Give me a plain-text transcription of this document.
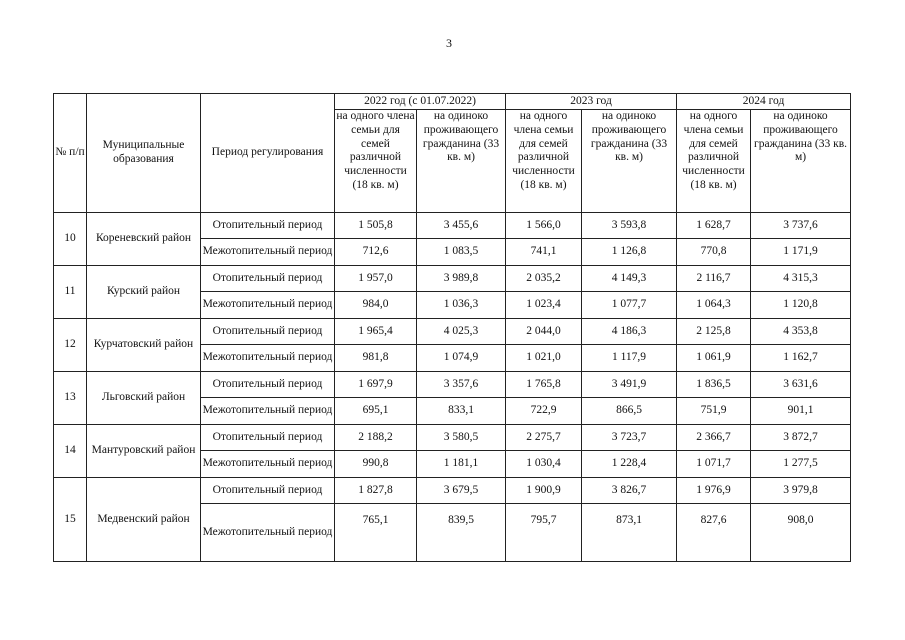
3
№ п/п	Муниципальные образования	Период регулирования	2022 год (с 01.07.2022)		2023 год		2024 год	
			на одного члена семьи для семей различной численности (18 кв. м)	на одиноко проживающего гражданина (33 кв. м)	на одного члена семьи для семей различной численности (18 кв. м)	на одиноко проживающего гражданина (33 кв. м)	на одного члена семьи для семей различной численности (18 кв. м)	на одиноко проживающего гражданина (33 кв. м)
10	Кореневский район	Отопительный период	1 505,8	3 455,6	1 566,0	3 593,8	1 628,7	3 737,6
		Межотопительный период	712,6	1 083,5	741,1	1 126,8	770,8	1 171,9
11	Курский район	Отопительный период	1 957,0	3 989,8	2 035,2	4 149,3	2 116,7	4 315,3
		Межотопительный период	984,0	1 036,3	1 023,4	1 077,7	1 064,3	1 120,8
12	Курчатовский район	Отопительный период	1 965,4	4 025,3	2 044,0	4 186,3	2 125,8	4 353,8
		Межотопительный период	981,8	1 074,9	1 021,0	1 117,9	1 061,9	1 162,7
13	Льговский район	Отопительный период	1 697,9	3 357,6	1 765,8	3 491,9	1 836,5	3 631,6
		Межотопительный период	695,1	833,1	722,9	866,5	751,9	901,1
14	Мантуровский район	Отопительный период	2 188,2	3 580,5	2 275,7	3 723,7	2 366,7	3 872,7
		Межотопительный период	990,8	1 181,1	1 030,4	1 228,4	1 071,7	1 277,5
15	Медвенский район	Отопительный период	1 827,8	3 679,5	1 900,9	3 826,7	1 976,9	3 979,8
		Межотопительный период	765,1	839,5	795,7	873,1	827,6	908,0
